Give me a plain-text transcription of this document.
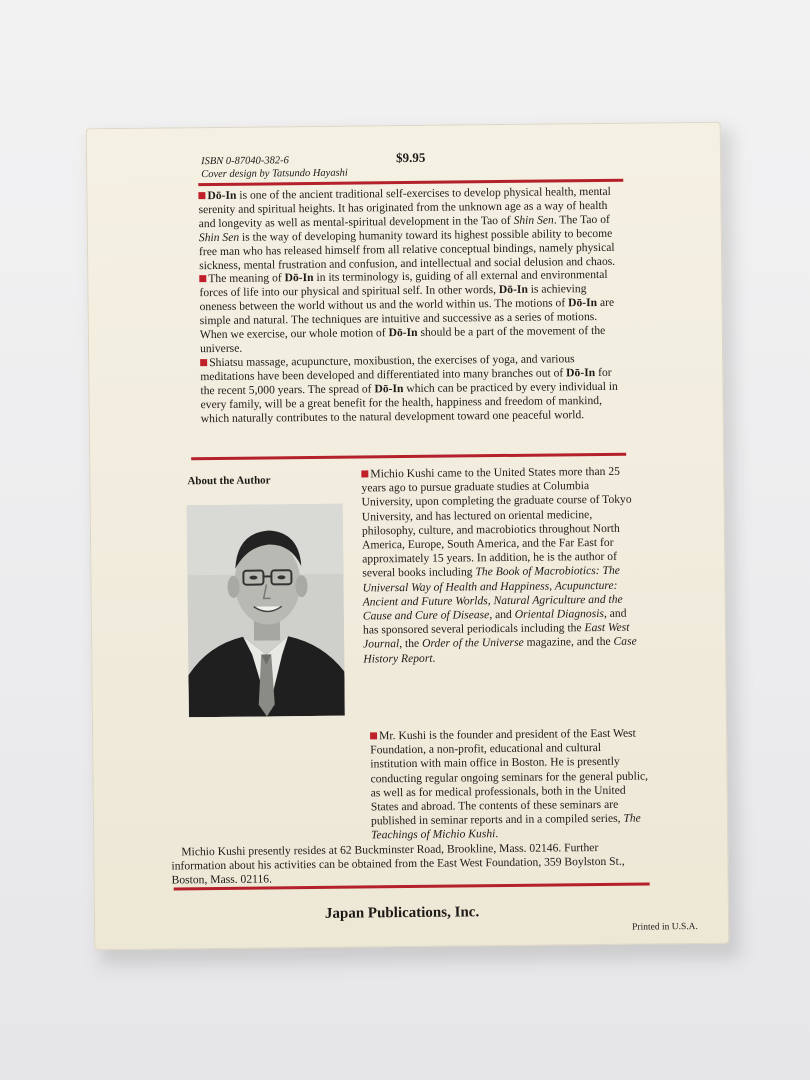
ISBN 0-87040-382-6
Cover design by Tatsundo Hayashi
$9.95

Dō-In is one of the ancient traditional self-exercises to develop physical health, mental serenity and spiritual heights. It has originated from the unknown age as a way of health and longevity as well as mental-spiritual development in the Tao of Shin Sen. The Tao of Shin Sen is the way of developing humanity toward its highest possible ability to become free man who has released himself from all relative conceptual bindings, namely physical sickness, mental frustration and confusion, and intellectual and social delusion and chaos.

The meaning of Dō-In in its terminology is, guiding of all external and environmental forces of life into our physical and spiritual self. In other words, Dō-In is achieving oneness between the world without us and the world within us. The motions of Dō-In are simple and natural. The techniques are intuitive and successive as a series of motions. When we exercise, our whole motion of Dō-In should be a part of the movement of the universe.

Shiatsu massage, acupuncture, moxibustion, the exercises of yoga, and various meditations have been developed and differentiated into many branches out of Dō-In for the recent 5,000 years. The spread of Dō-In which can be practiced by every individual in every family, will be a great benefit for the health, happiness and freedom of mankind, which naturally contributes to the natural development toward one peaceful world.

About the Author

Michio Kushi came to the United States more than 25 years ago to pursue graduate studies at Columbia University, upon completing the graduate course of Tokyo University, and has lectured on oriental medicine, philosophy, culture, and macrobiotics throughout North America, Europe, South America, and the Far East for approximately 15 years. In addition, he is the author of several books including The Book of Macrobiotics: The Universal Way of Health and Happiness, Acupuncture: Ancient and Future Worlds, Natural Agriculture and the Cause and Cure of Disease, and Oriental Diagnosis, and has sponsored several periodicals including the East West Journal, the Order of the Universe magazine, and the Case History Report.

Mr. Kushi is the founder and president of the East West Foundation, a non-profit, educational and cultural institution with main office in Boston. He is presently conducting regular ongoing seminars for the general public, as well as for medical professionals, both in the United States and abroad. The contents of these seminars are published in seminar reports and in a compiled series, The Teachings of Michio Kushi.

Michio Kushi presently resides at 62 Buckminster Road, Brookline, Mass. 02146. Further information about his activities can be obtained from the East West Foundation, 359 Boylston St., Boston, Mass. 02116.

Japan Publications, Inc.
Printed in U.S.A.
